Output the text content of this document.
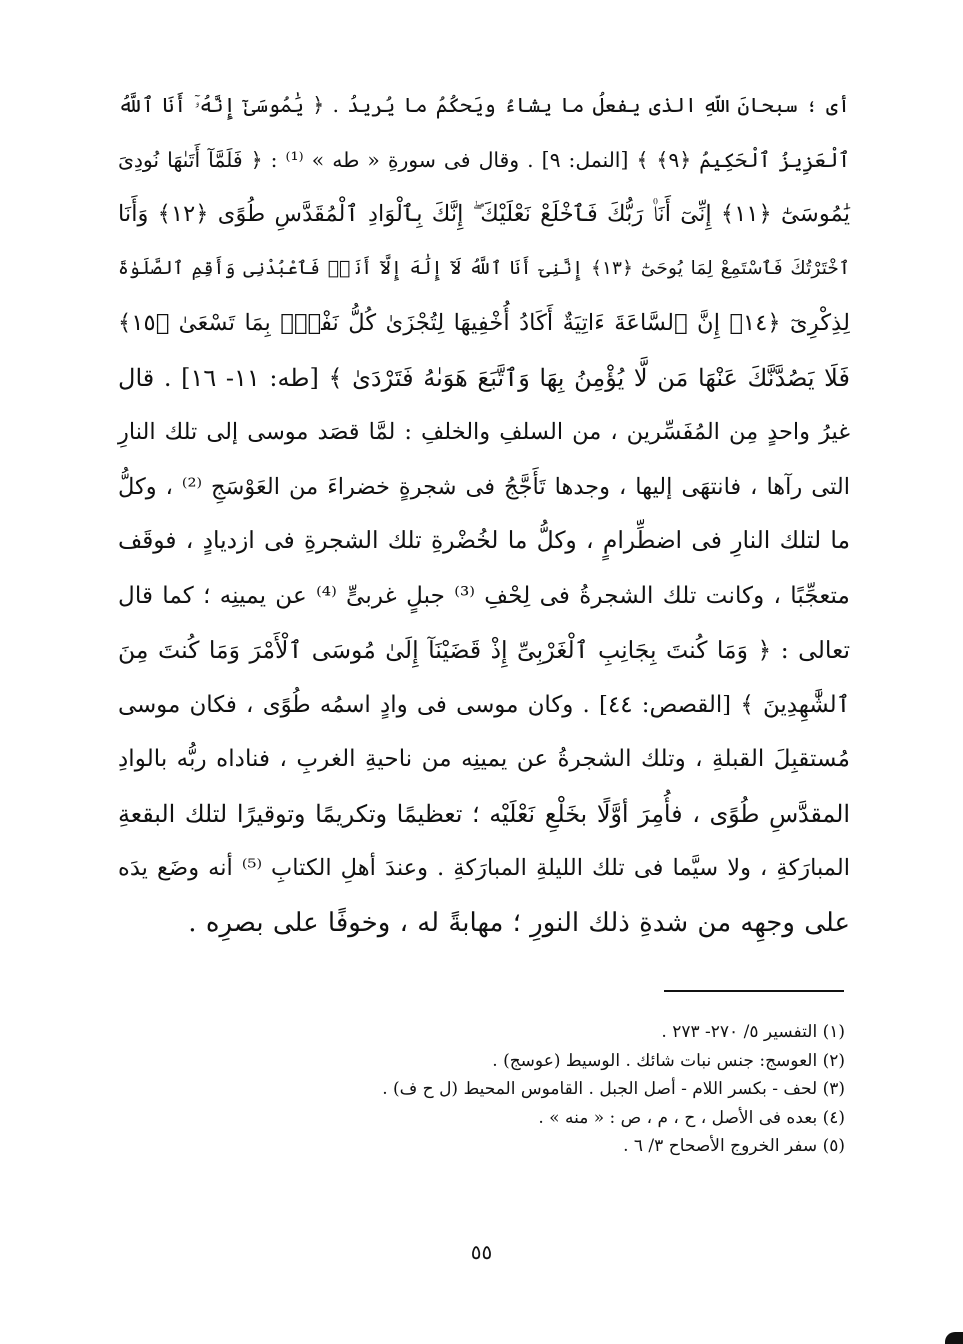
أى ؛ سبحانَ اللّهِ الذى يفعلُ ما يشاءُ ويَحكُمُ ما يُريدُ . ﴿ يَٰمُوسَىٰٓ إِنَّهُۥٓ أَنَا ٱللَّهُ
ٱلْعَزِيزُ ٱلْحَكِيمُ ﴿٩﴾ ﴾ [النمل: ٩] . وقال فى سورةِ « طه » ⁽¹⁾ : ﴿ فَلَمَّآ أَتَىٰهَا نُودِىَ
يَٰمُوسَىٰٓ ﴿١١﴾ إِنِّىٓ أَنَا۠ رَبُّكَ فَٱخْلَعْ نَعْلَيْكَ ۖ إِنَّكَ بِٱلْوَادِ ٱلْمُقَدَّسِ طُوًى ﴿١٢﴾ وَأَنَا
ٱخْتَرْتُكَ فَٱسْتَمِعْ لِمَا يُوحَىٰٓ ﴿١٣﴾ إِنَّنِىٓ أَنَا ٱللَّهُ لَآ إِلَٰهَ إِلَّآ أَنَا۠ فَٱعْبُدْنِى وَأَقِمِ ٱلصَّلَوٰةَ
لِذِكْرِىٓ ﴿١٤﴾ إِنَّ ٱلسَّاعَةَ ءَاتِيَةٌ أَكَادُ أُخْفِيهَا لِتُجْزَىٰ كُلُّ نَفْسٍۭ بِمَا تَسْعَىٰ ﴿١٥﴾
فَلَا يَصُدَّنَّكَ عَنْهَا مَن لَّا يُؤْمِنُ بِهَا وَٱتَّبَعَ هَوَىٰهُ فَتَرْدَىٰ ﴾ [طه: ١١- ١٦] . قال
غيرُ واحدٍ مِن المُفَسِّرين ، من السلفِ والخلفِ : لمَّا قصَد موسى إلى تلك النارِ
التى رآها ، فانتهَى إليها ، وجدها تَأَجَّجُ فى شجرةٍ خضراءَ من العَوْسَجِ ⁽²⁾ ، وكلُّ
ما لتلك النارِ فى اضطِّرامٍ ، وكلُّ ما لخُضْرةِ تلك الشجرةِ فى ازديادٍ ، فوقَف
متعجِّبًا ، وكانت تلك الشجرةُ فى لِحْفِ ⁽³⁾ جبلٍ غربىٍّ ⁽⁴⁾ عن يمينِه ؛ كما قال
تعالى : ﴿ وَمَا كُنتَ بِجَانِبِ ٱلْغَرْبِىِّ إِذْ قَضَيْنَآ إِلَىٰ مُوسَى ٱلْأَمْرَ وَمَا كُنتَ مِنَ
ٱلشَّٰهِدِينَ ﴾ [القصص: ٤٤] . وكان موسى فى وادٍ اسمُه طُوًى ، فكان موسى
مُستقبِلَ القبلةِ ، وتلك الشجرةُ عن يمينِه من ناحيةِ الغربِ ، فناداه ربُّه بالوادِ
المقدَّسِ طُوًى ، فأُمِرَ أوَّلًا بخَلْعِ نَعْلَيْه ؛ تعظيمًا وتكريمًا وتوقيرًا لتلك البقعةِ
المبارَكةِ ، ولا سيَّما فى تلك الليلةِ المبارَكةِ . وعندَ أهلِ الكتابِ ⁽⁵⁾ أنه وضَع يدَه
على وجهِه من شدةِ ذلك النورِ ؛ مهابةً له ، وخوفًا على بصرِه .
(١) التفسير ٥/ ٢٧٠- ٢٧٣ .
(٢) العوسج: جنس نبات شائك . الوسيط (عوسج) .
(٣) لحف - بكسر اللام - أصل الجبل . القاموس المحيط (ل ح ف) .
(٤) بعده فى الأصل ، ح ، م ، ص : « منه » .
(٥) سفر الخروج الأصحاح ٣/ ٦ .
٥٥
